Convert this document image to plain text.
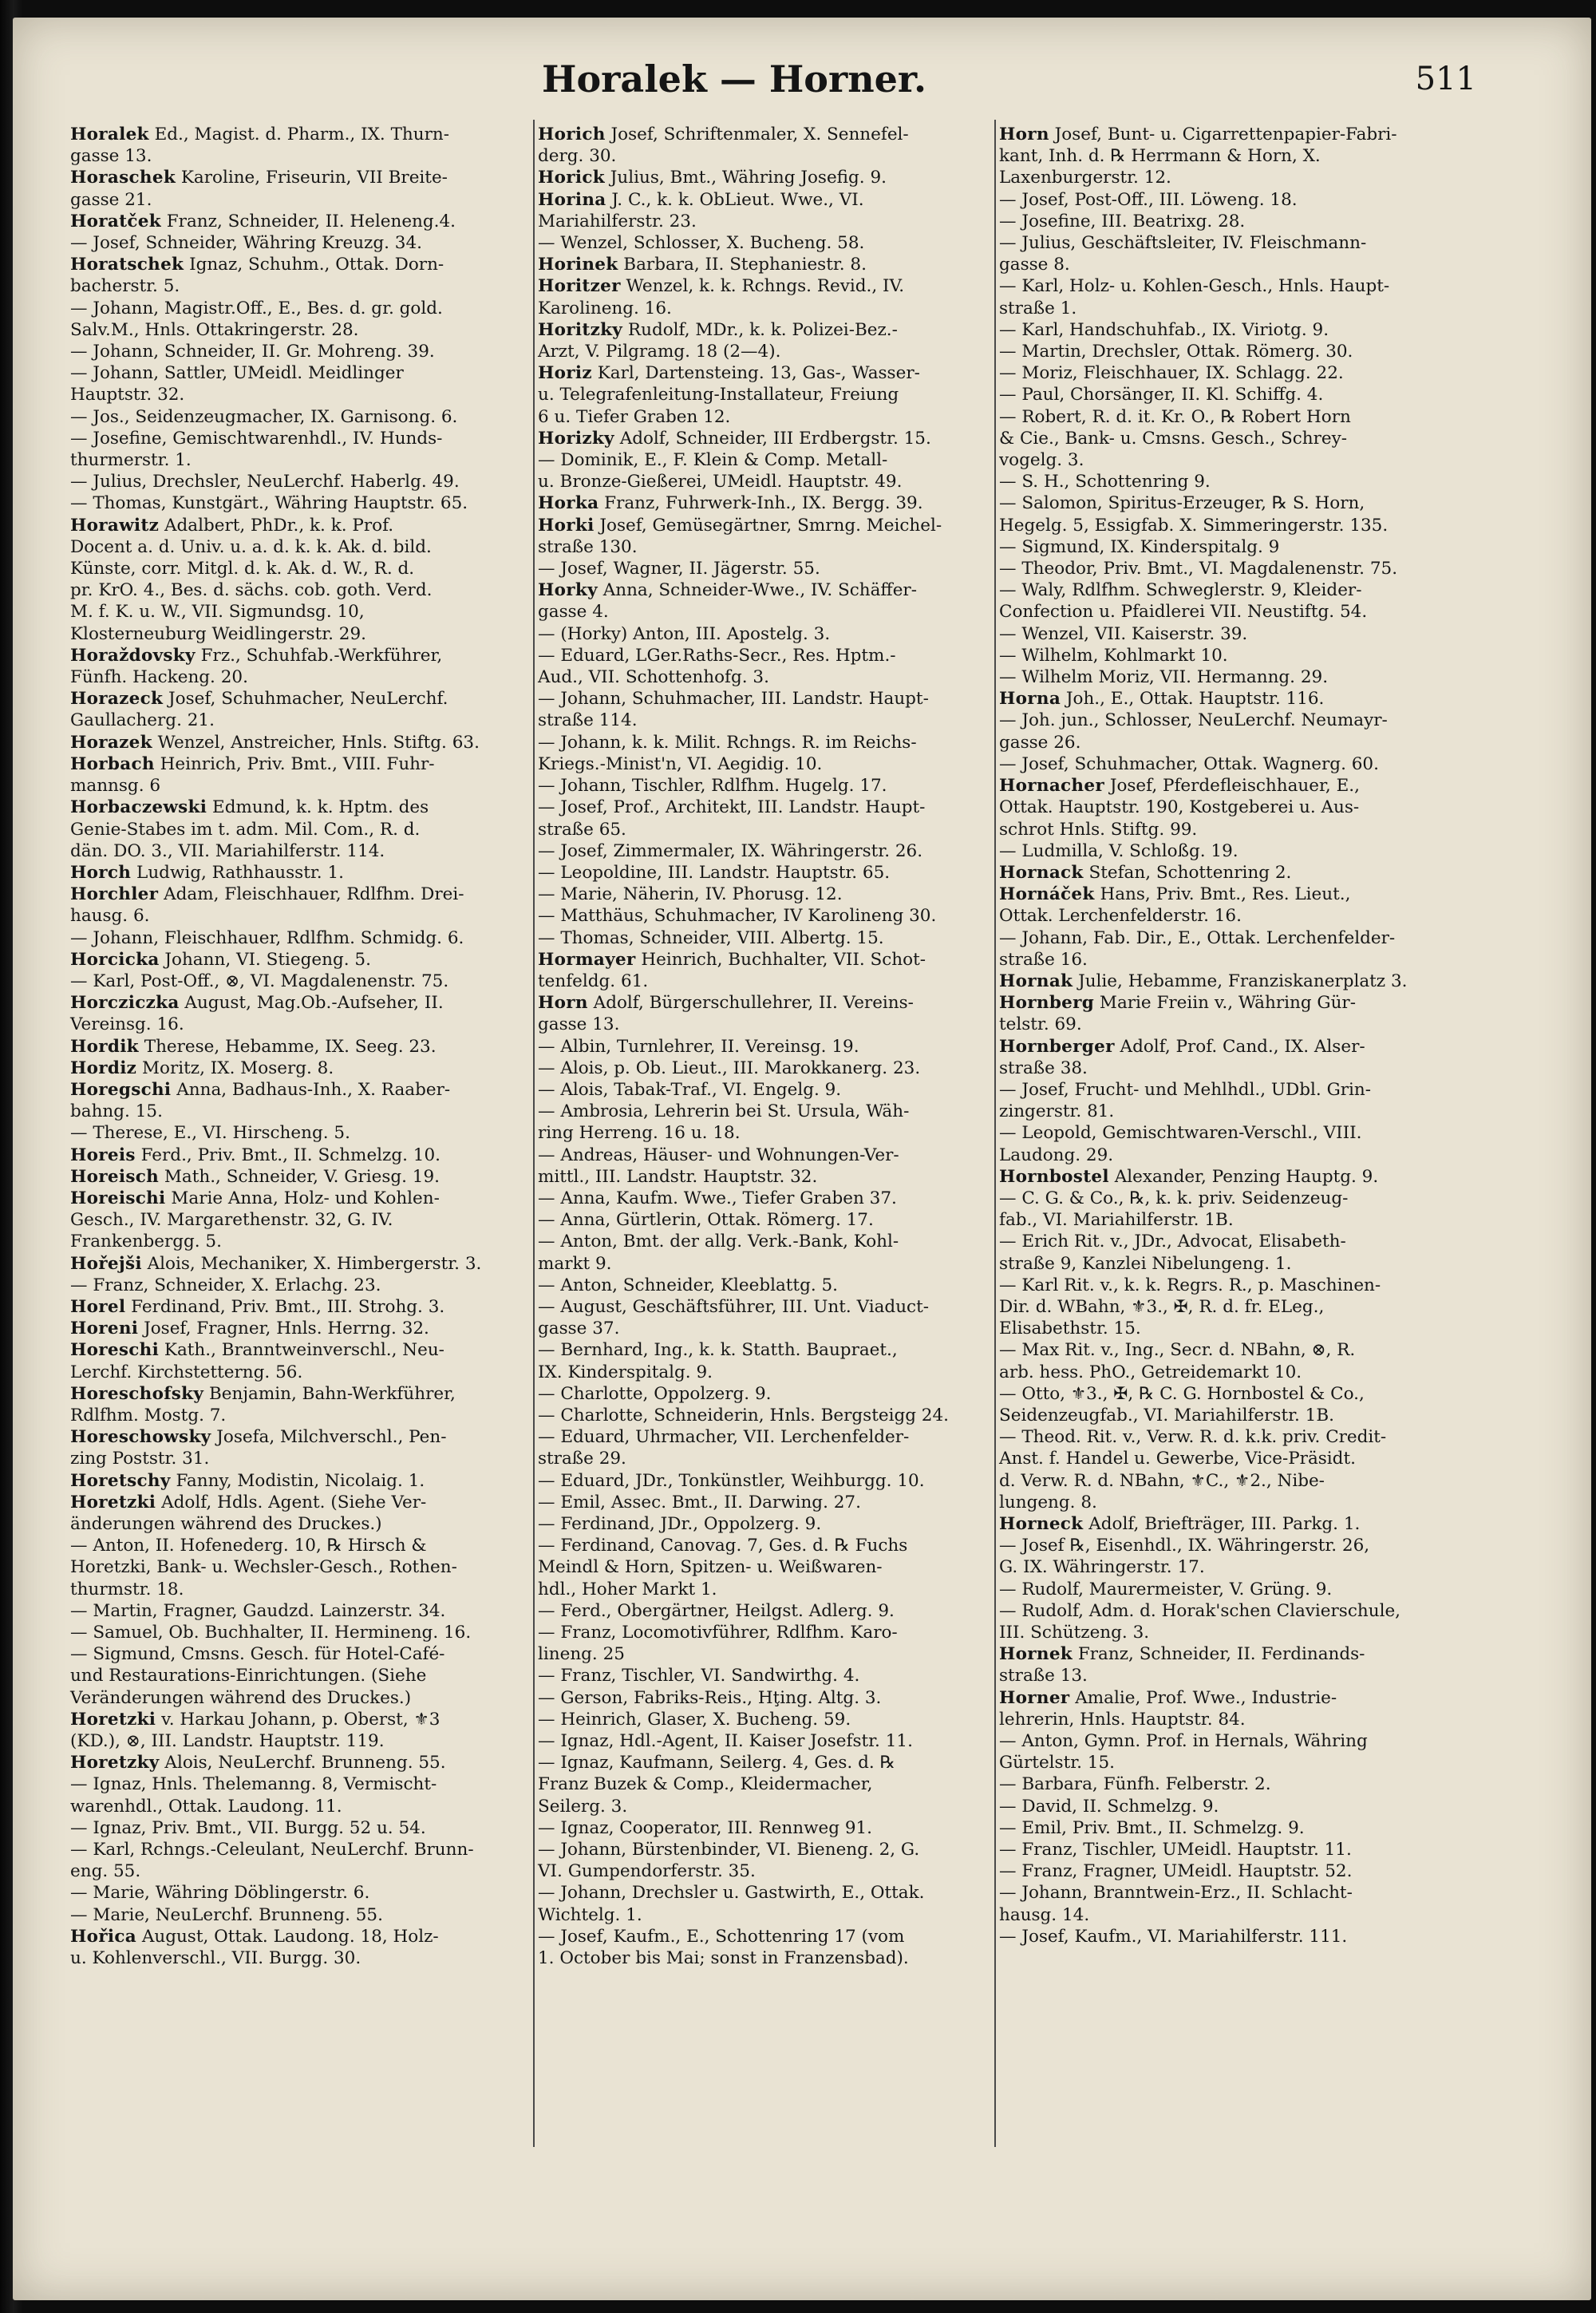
Horalek — Horner.	511
Horalek Ed., Magist. d. Pharm., IX. Thurn-
gasse 13.
Horaschek Karoline, Friseurin, VII Breite-
gasse 21.
Horatček Franz, Schneider, II. Heleneng.4.
— Josef, Schneider, Währing Kreuzg. 34.
Horatschek Ignaz, Schuhm., Ottak. Dorn-
bacherstr. 5.
— Johann, Magistr.Off., E., Bes. d. gr. gold.
Salv.M., Hnls. Ottakringerstr. 28.
— Johann, Schneider, II. Gr. Mohreng. 39.
— Johann, Sattler, UMeidl. Meidlinger
Hauptstr. 32.
— Jos., Seidenzeugmacher, IX. Garnisong. 6.
— Josefine, Gemischtwarenhdl., IV. Hunds-
thurmerstr. 1.
— Julius, Drechsler, NeuLerchf. Haberlg. 49.
— Thomas, Kunstgärt., Währing Hauptstr. 65.
Horawitz Adalbert, PhDr., k. k. Prof.
Docent a. d. Univ. u. a. d. k. k. Ak. d. bild.
Künste, corr. Mitgl. d. k. Ak. d. W., R. d.
pr. KrO. 4., Bes. d. sächs. cob. goth. Verd.
M. f. K. u. W., VII. Sigmundsg. 10,
Klosterneuburg Weidlingerstr. 29.
Horaždovsky Frz., Schuhfab.-Werkführer,
Fünfh. Hackeng. 20.
Horazeck Josef, Schuhmacher, NeuLerchf.
Gaullacherg. 21.
Horazek Wenzel, Anstreicher, Hnls. Stiftg. 63.
Horbach Heinrich, Priv. Bmt., VIII. Fuhr-
mannsg. 6
Horbaczewski Edmund, k. k. Hptm. des
Genie-Stabes im t. adm. Mil. Com., R. d.
dän. DO. 3., VII. Mariahilferstr. 114.
Horch Ludwig, Rathhausstr. 1.
Horchler Adam, Fleischhauer, Rdlfhm. Drei-
hausg. 6.
— Johann, Fleischhauer, Rdlfhm. Schmidg. 6.
Horcicka Johann, VI. Stiegeng. 5.
— Karl, Post-Off., ⊗, VI. Magdalenenstr. 75.
Horcziczka August, Mag.Ob.-Aufseher, II.
Vereinsg. 16.
Hordik Therese, Hebamme, IX. Seeg. 23.
Hordiz Moritz, IX. Moserg. 8.
Horegschi Anna, Badhaus-Inh., X. Raaber-
bahng. 15.
— Therese, E., VI. Hirscheng. 5.
Horeis Ferd., Priv. Bmt., II. Schmelzg. 10.
Horeisch Math., Schneider, V. Griesg. 19.
Horeischi Marie Anna, Holz- und Kohlen-
Gesch., IV. Margarethenstr. 32, G. IV.
Frankenbergg. 5.
Hořejši Alois, Mechaniker, X. Himbergerstr. 3.
— Franz, Schneider, X. Erlachg. 23.
Horel Ferdinand, Priv. Bmt., III. Strohg. 3.
Horeni Josef, Fragner, Hnls. Herrng. 32.
Horeschi Kath., Branntweinverschl., Neu-
Lerchf. Kirchstetterng. 56.
Horeschofsky Benjamin, Bahn-Werkführer,
Rdlfhm. Mostg. 7.
Horeschowsky Josefa, Milchverschl., Pen-
zing Poststr. 31.
Horetschy Fanny, Modistin, Nicolaig. 1.
Horetzki Adolf, Hdls. Agent. (Siehe Ver-
änderungen während des Druckes.)
— Anton, II. Hofenederg. 10, ℞ Hirsch &
Horetzki, Bank- u. Wechsler-Gesch., Rothen-
thurmstr. 18.
— Martin, Fragner, Gaudzd. Lainzerstr. 34.
— Samuel, Ob. Buchhalter, II. Hermineng. 16.
— Sigmund, Cmsns. Gesch. für Hotel-Café-
und Restaurations-Einrichtungen. (Siehe
Veränderungen während des Druckes.)
Horetzki v. Harkau Johann, p. Oberst, ⚜3
(KD.), ⊗, III. Landstr. Hauptstr. 119.
Horetzky Alois, NeuLerchf. Brunneng. 55.
— Ignaz, Hnls. Thelemanng. 8, Vermischt-
warenhdl., Ottak. Laudong. 11.
— Ignaz, Priv. Bmt., VII. Burgg. 52 u. 54.
— Karl, Rchngs.-Celeulant, NeuLerchf. Brunn-
eng. 55.
— Marie, Währing Döblingerstr. 6.
— Marie, NeuLerchf. Brunneng. 55.
Hořica August, Ottak. Laudong. 18, Holz-
u. Kohlenverschl., VII. Burgg. 30.
Horich Josef, Schriftenmaler, X. Sennefel-
derg. 30.
Horick Julius, Bmt., Währing Josefig. 9.
Horina J. C., k. k. ObLieut. Wwe., VI.
Mariahilferstr. 23.
— Wenzel, Schlosser, X. Bucheng. 58.
Horinek Barbara, II. Stephaniestr. 8.
Horitzer Wenzel, k. k. Rchngs. Revid., IV.
Karolineng. 16.
Horitzky Rudolf, MDr., k. k. Polizei-Bez.-
Arzt, V. Pilgramg. 18 (2—4).
Horiz Karl, Dartensteing. 13, Gas-, Wasser-
u. Telegrafenleitung-Installateur, Freiung
6 u. Tiefer Graben 12.
Horizky Adolf, Schneider, III Erdbergstr. 15.
— Dominik, E., F. Klein & Comp. Metall-
u. Bronze-Gießerei, UMeidl. Hauptstr. 49.
Horka Franz, Fuhrwerk-Inh., IX. Bergg. 39.
Horki Josef, Gemüsegärtner, Smrng. Meichel-
straße 130.
— Josef, Wagner, II. Jägerstr. 55.
Horky Anna, Schneider-Wwe., IV. Schäffer-
gasse 4.
— (Horky) Anton, III. Apostelg. 3.
— Eduard, LGer.Raths-Secr., Res. Hptm.-
Aud., VII. Schottenhofg. 3.
— Johann, Schuhmacher, III. Landstr. Haupt-
straße 114.
— Johann, k. k. Milit. Rchngs. R. im Reichs-
Kriegs.-Minist'n, VI. Aegidig. 10.
— Johann, Tischler, Rdlfhm. Hugelg. 17.
— Josef, Prof., Architekt, III. Landstr. Haupt-
straße 65.
— Josef, Zimmermaler, IX. Währingerstr. 26.
— Leopoldine, III. Landstr. Hauptstr. 65.
— Marie, Näherin, IV. Phorusg. 12.
— Matthäus, Schuhmacher, IV Karolineng 30.
— Thomas, Schneider, VIII. Albertg. 15.
Hormayer Heinrich, Buchhalter, VII. Schot-
tenfeldg. 61.
Horn Adolf, Bürgerschullehrer, II. Vereins-
gasse 13.
— Albin, Turnlehrer, II. Vereinsg. 19.
— Alois, p. Ob. Lieut., III. Marokkanerg. 23.
— Alois, Tabak-Traf., VI. Engelg. 9.
— Ambrosia, Lehrerin bei St. Ursula, Wäh-
ring Herreng. 16 u. 18.
— Andreas, Häuser- und Wohnungen-Ver-
mittl., III. Landstr. Hauptstr. 32.
— Anna, Kaufm. Wwe., Tiefer Graben 37.
— Anna, Gürtlerin, Ottak. Römerg. 17.
— Anton, Bmt. der allg. Verk.-Bank, Kohl-
markt 9.
— Anton, Schneider, Kleeblattg. 5.
— August, Geschäftsführer, III. Unt. Viaduct-
gasse 37.
— Bernhard, Ing., k. k. Statth. Baupraet.,
IX. Kinderspitalg. 9.
— Charlotte, Oppolzerg. 9.
— Charlotte, Schneiderin, Hnls. Bergsteigg 24.
— Eduard, Uhrmacher, VII. Lerchenfelder-
straße 29.
— Eduard, JDr., Tonkünstler, Weihburgg. 10.
— Emil, Assec. Bmt., II. Darwing. 27.
— Ferdinand, JDr., Oppolzerg. 9.
— Ferdinand, Canovag. 7, Ges. d. ℞ Fuchs
Meindl & Horn, Spitzen- u. Weißwaren-
hdl., Hoher Markt 1.
— Ferd., Obergärtner, Heilgst. Adlerg. 9.
— Franz, Locomotivführer, Rdlfhm. Karo-
lineng. 25
— Franz, Tischler, VI. Sandwirthg. 4.
— Gerson, Fabriks-Reis., Hţing. Altg. 3.
— Heinrich, Glaser, X. Bucheng. 59.
— Ignaz, Hdl.-Agent, II. Kaiser Josefstr. 11.
— Ignaz, Kaufmann, Seilerg. 4, Ges. d. ℞
Franz Buzek & Comp., Kleidermacher,
Seilerg. 3.
— Ignaz, Cooperator, III. Rennweg 91.
— Johann, Bürstenbinder, VI. Bieneng. 2, G.
VI. Gumpendorferstr. 35.
— Johann, Drechsler u. Gastwirth, E., Ottak.
Wichtelg. 1.
— Josef, Kaufm., E., Schottenring 17 (vom
1. October bis Mai; sonst in Franzensbad).
Horn Josef, Bunt- u. Cigarrettenpapier-Fabri-
kant, Inh. d. ℞ Herrmann & Horn, X.
Laxenburgerstr. 12.
— Josef, Post-Off., III. Löweng. 18.
— Josefine, III. Beatrixg. 28.
— Julius, Geschäftsleiter, IV. Fleischmann-
gasse 8.
— Karl, Holz- u. Kohlen-Gesch., Hnls. Haupt-
straße 1.
— Karl, Handschuhfab., IX. Viriotg. 9.
— Martin, Drechsler, Ottak. Römerg. 30.
— Moriz, Fleischhauer, IX. Schlagg. 22.
— Paul, Chorsänger, II. Kl. Schiffg. 4.
— Robert, R. d. it. Kr. O., ℞ Robert Horn
& Cie., Bank- u. Cmsns. Gesch., Schrey-
vogelg. 3.
— S. H., Schottenring 9.
— Salomon, Spiritus-Erzeuger, ℞ S. Horn,
Hegelg. 5, Essigfab. X. Simmeringerstr. 135.
— Sigmund, IX. Kinderspitalg. 9
— Theodor, Priv. Bmt., VI. Magdalenenstr. 75.
— Waly, Rdlfhm. Schweglerstr. 9, Kleider-
Confection u. Pfaidlerei VII. Neustiftg. 54.
— Wenzel, VII. Kaiserstr. 39.
— Wilhelm, Kohlmarkt 10.
— Wilhelm Moriz, VII. Hermanng. 29.
Horna Joh., E., Ottak. Hauptstr. 116.
— Joh. jun., Schlosser, NeuLerchf. Neumayr-
gasse 26.
— Josef, Schuhmacher, Ottak. Wagnerg. 60.
Hornacher Josef, Pferdefleischhauer, E.,
Ottak. Hauptstr. 190, Kostgeberei u. Aus-
schrot Hnls. Stiftg. 99.
— Ludmilla, V. Schloßg. 19.
Hornack Stefan, Schottenring 2.
Hornáček Hans, Priv. Bmt., Res. Lieut.,
Ottak. Lerchenfelderstr. 16.
— Johann, Fab. Dir., E., Ottak. Lerchenfelder-
straße 16.
Hornak Julie, Hebamme, Franziskanerplatz 3.
Hornberg Marie Freiin v., Währing Gür-
telstr. 69.
Hornberger Adolf, Prof. Cand., IX. Alser-
straße 38.
— Josef, Frucht- und Mehlhdl., UDbl. Grin-
zingerstr. 81.
— Leopold, Gemischtwaren-Verschl., VIII.
Laudong. 29.
Hornbostel Alexander, Penzing Hauptg. 9.
— C. G. & Co., ℞, k. k. priv. Seidenzeug-
fab., VI. Mariahilferstr. 1B.
— Erich Rit. v., JDr., Advocat, Elisabeth-
straße 9, Kanzlei Nibelungeng. 1.
— Karl Rit. v., k. k. Regrs. R., p. Maschinen-
Dir. d. WBahn, ⚜3., ✠, R. d. fr. ELeg.,
Elisabethstr. 15.
— Max Rit. v., Ing., Secr. d. NBahn, ⊗, R.
arb. hess. PhO., Getreidemarkt 10.
— Otto, ⚜3., ✠, ℞ C. G. Hornbostel & Co.,
Seidenzeugfab., VI. Mariahilferstr. 1B.
— Theod. Rit. v., Verw. R. d. k.k. priv. Credit-
Anst. f. Handel u. Gewerbe, Vice-Präsidt.
d. Verw. R. d. NBahn, ⚜C., ⚜2., Nibe-
lungeng. 8.
Horneck Adolf, Briefträger, III. Parkg. 1.
— Josef ℞, Eisenhdl., IX. Währingerstr. 26,
G. IX. Währingerstr. 17.
— Rudolf, Maurermeister, V. Grüng. 9.
— Rudolf, Adm. d. Horak'schen Clavierschule,
III. Schützeng. 3.
Hornek Franz, Schneider, II. Ferdinands-
straße 13.
Horner Amalie, Prof. Wwe., Industrie-
lehrerin, Hnls. Hauptstr. 84.
— Anton, Gymn. Prof. in Hernals, Währing
Gürtelstr. 15.
— Barbara, Fünfh. Felberstr. 2.
— David, II. Schmelzg. 9.
— Emil, Priv. Bmt., II. Schmelzg. 9.
— Franz, Tischler, UMeidl. Hauptstr. 11.
— Franz, Fragner, UMeidl. Hauptstr. 52.
— Johann, Branntwein-Erz., II. Schlacht-
hausg. 14.
— Josef, Kaufm., VI. Mariahilferstr. 111.
